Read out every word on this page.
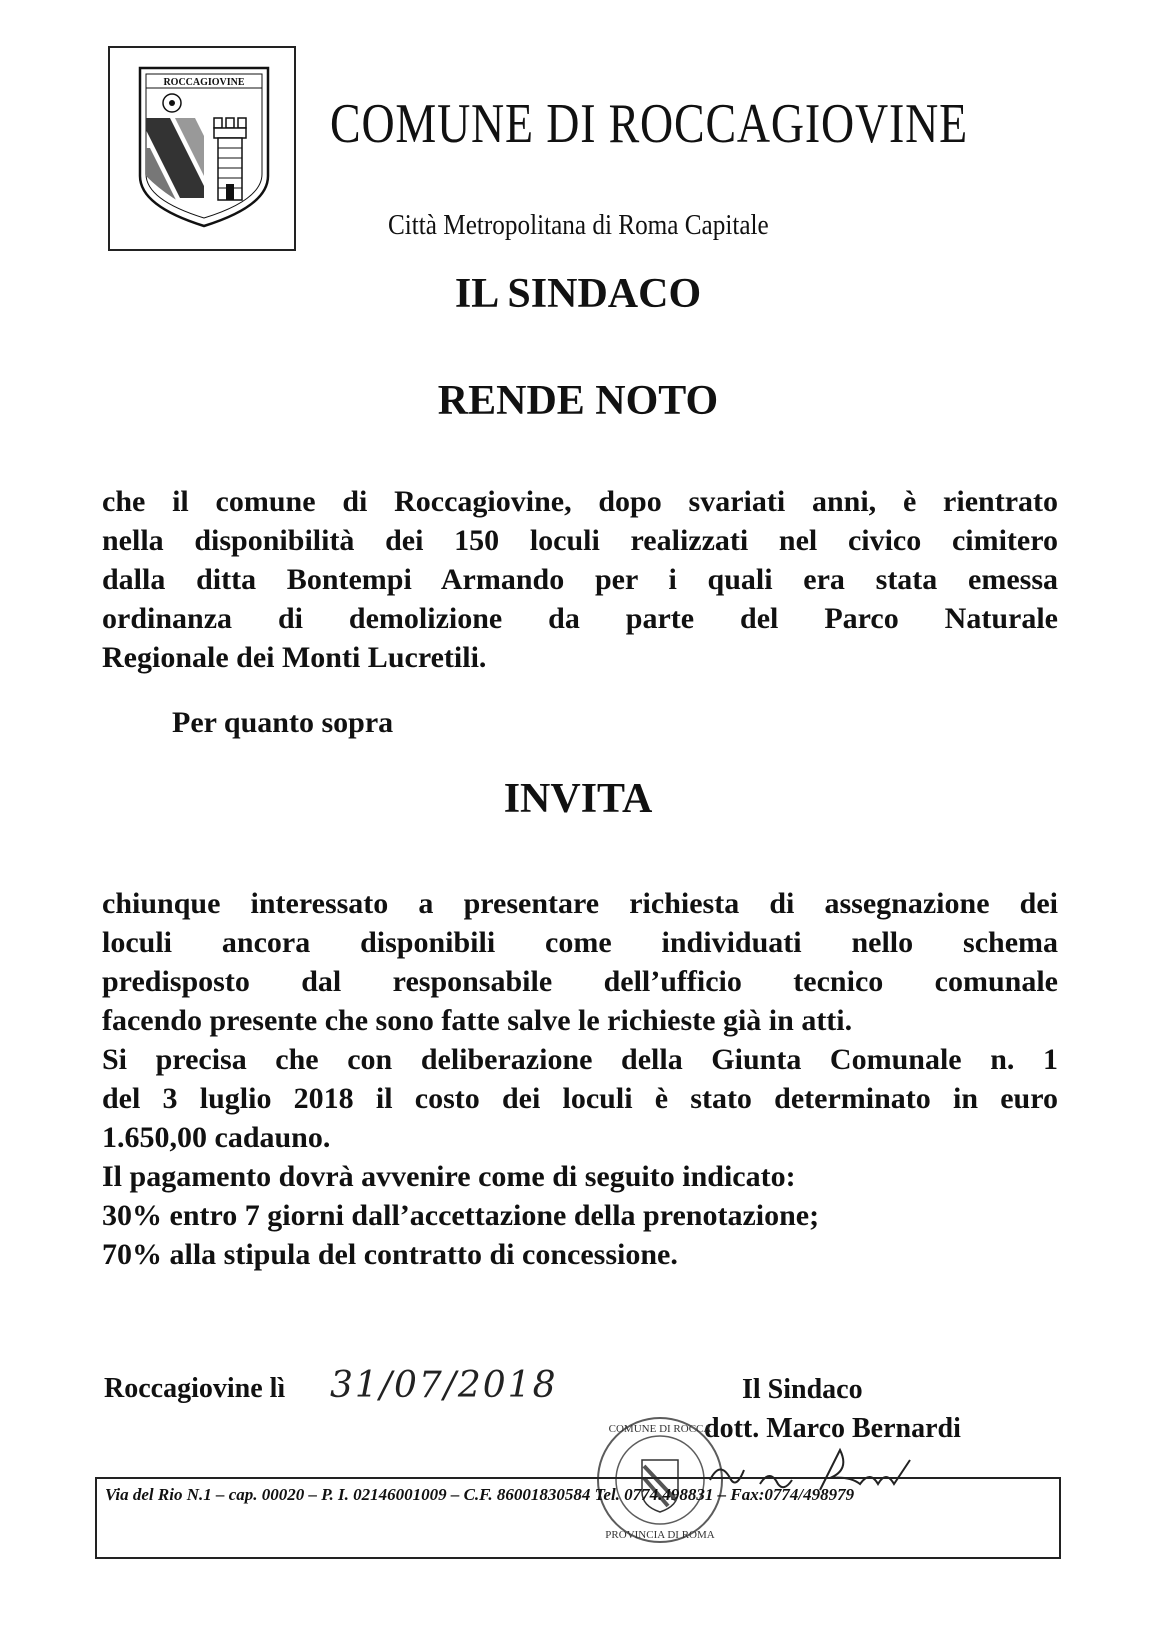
ROCCAGIOVINE
COMUNE DI ROCCAGIOVINE
Città Metropolitana di Roma Capitale
IL SINDACO
RENDE NOTO
che il comune di Roccagiovine, dopo svariati anni, è rientrato
nella disponibilità dei 150 loculi realizzati nel civico cimitero
dalla ditta Bontempi Armando per i quali era stata emessa
ordinanza di demolizione da parte del Parco Naturale
Regionale dei Monti Lucretili.
Per quanto sopra
INVITA
chiunque interessato a presentare richiesta di assegnazione dei
loculi ancora disponibili come individuati nello schema
predisposto dal responsabile dell’ufficio tecnico comunale
facendo presente che sono fatte salve le richieste già in atti.
Si precisa che con deliberazione della Giunta Comunale n. 1
del 3 luglio 2018 il costo dei loculi è stato determinato in euro
1.650,00 cadauno.
Il pagamento dovrà avvenire come di seguito indicato:
30% entro 7 giorni dall’accettazione della prenotazione;
70% alla stipula del contratto di concessione.
Roccagiovine lì 31/07/2018	Il Sindaco
dott. Marco Bernardi
COMUNE DI ROCCA
PROVINCIA DI ROMA
Via del Rio N.1 – cap. 00020 – P. I. 02146001009 – C.F. 86001830584 Tel. 0774.498831 – Fax:0774/498979
